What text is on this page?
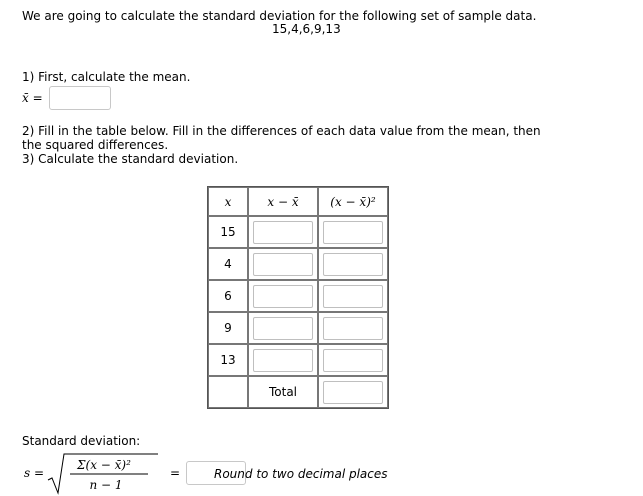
We are going to calculate the standard deviation for the following set of sample data.
15,4,6,9,13
1) First, calculate the mean.
x̄ =
2) Fill in the table below. Fill in the differences of each data value from the mean, then the squared differences.
3) Calculate the standard deviation.
x	x − x̄	(x − x̄)²
15	

4	

6	

9	

13	

	Total	
Standard deviation:
s =
Σ(x − x̄)²
n − 1
=	Round to two decimal places
